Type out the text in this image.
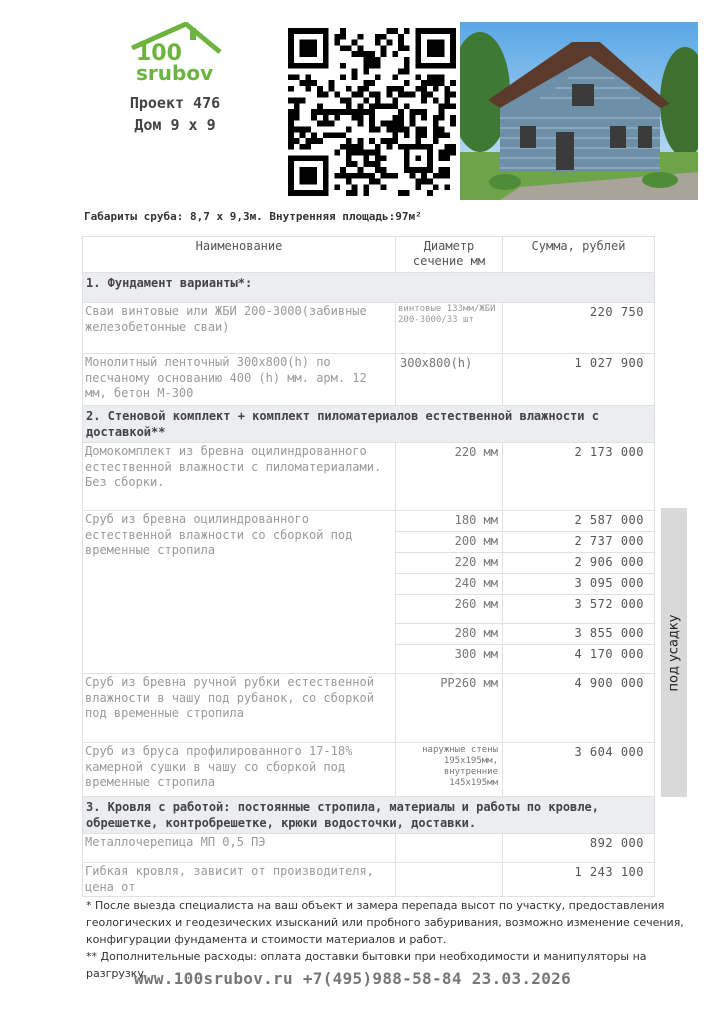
100
srubov
Проект 476
Дом 9 х 9
Габариты сруба: 8,7 х 9,3м. Внутренняя площадь:97м²
Наименование	Диаметр сечение мм	Сумма, рублей
1. Фундамент варианты*:		
Сваи винтовые или ЖБИ 200-3000(забивные железобетонные сваи)	винтовые 133мм/ЖБИ 200-3000/33 шт	220 750
Монолитный ленточный 300х800(h) по песчаному основанию 400 (h) мм. арм. 12 мм, бетон М-300	300х800(h)	1 027 900
2. Стеновой комплект + комплект пиломатериалов естественной влажности с доставкой**		
Домокомплект из бревна оцилиндрованного естественной влажности с пиломатериалами. Без сборки.	220 мм	2 173 000
Сруб из бревна оцилиндрованного естественной влажности со сборкой под временные стропила	180 мм	2 587 000
	200 мм	2 737 000
	220 мм	2 906 000
	240 мм	3 095 000
	260 мм	3 572 000
	280 мм	3 855 000
	300 мм	4 170 000
Сруб из бревна ручной рубки естественной влажности в чашу под рубанок, со сборкой под временные стропила	РР260 мм	4 900 000
Сруб из бруса профилированного 17-18% камерной сушки в чашу со сборкой под временные стропила	наружные стены 195х195мм, внутренние 145х195мм	3 604 000
3. Кровля с работой: постоянные стропила, материалы и работы по кровле, обрешетке, контробрешетке, крюки водосточки, доставки.		
Металлочерепица МП 0,5 ПЭ		892 000
Гибкая кровля, зависит от производителя, цена от		1 243 100
под усадку
* После выезда специалиста на ваш объект и замера перепада высот по участку, предоставления геологических и геодезических изысканий или пробного забуривания, возможно изменение сечения, конфигурации фундамента и стоимости материалов и работ.
** Дополнительные расходы: оплата доставки бытовки при необходимости и манипуляторы на разгрузку.
www.100srubov.ru +7(495)988-58-84 23.03.2026
